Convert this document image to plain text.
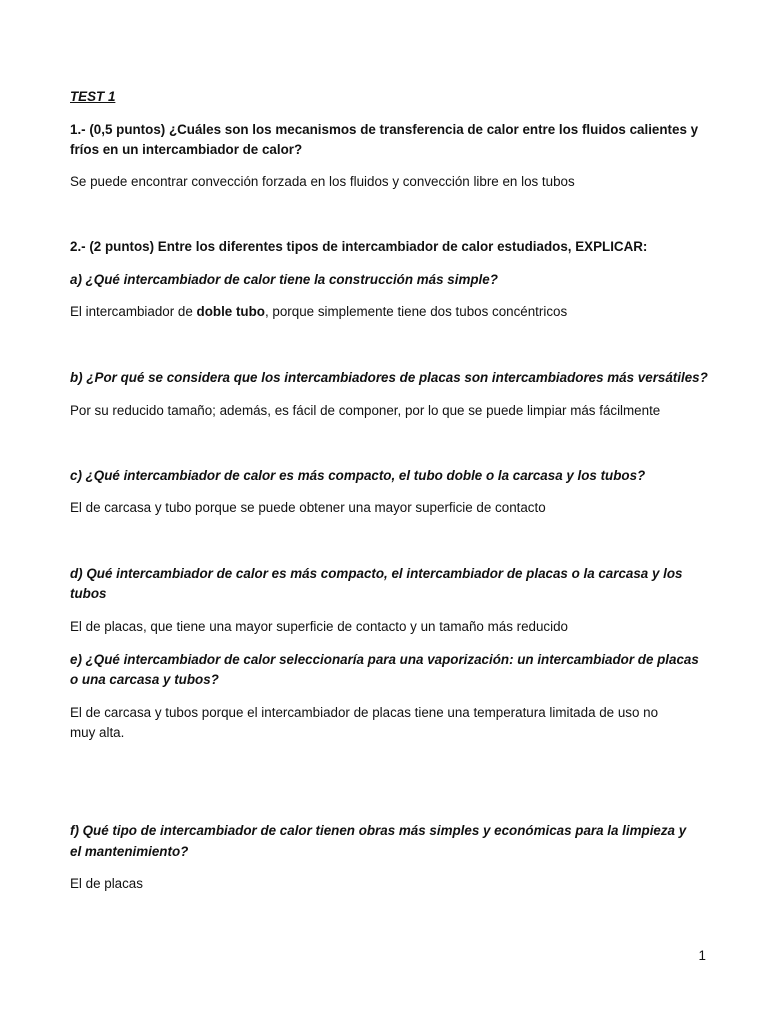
TEST 1
1.- (0,5 puntos) ¿Cuáles son los mecanismos de transferencia de calor entre los fluidos calientes y
fríos en un intercambiador de calor?
Se puede encontrar convección forzada en los fluidos y convección libre en los tubos
2.- (2 puntos) Entre los diferentes tipos de intercambiador de calor estudiados, EXPLICAR:
a) ¿Qué intercambiador de calor tiene la construcción más simple?
El intercambiador de doble tubo, porque simplemente tiene dos tubos concéntricos
b) ¿Por qué se considera que los intercambiadores de placas son intercambiadores más versátiles?
Por su reducido tamaño; además, es fácil de componer, por lo que se puede limpiar más fácilmente
c) ¿Qué intercambiador de calor es más compacto, el tubo doble o la carcasa y los tubos?
El de carcasa y tubo porque se puede obtener una mayor superficie de contacto
d) Qué intercambiador de calor es más compacto, el intercambiador de placas o la carcasa y los
tubos
El de placas, que tiene una mayor superficie de contacto y un tamaño más reducido
e) ¿Qué intercambiador de calor seleccionaría para una vaporización: un intercambiador de placas
o una carcasa y tubos?
El de carcasa y tubos porque el intercambiador de placas tiene una temperatura limitada de uso no
muy alta.
f) Qué tipo de intercambiador de calor tienen obras más simples y económicas para la limpieza y
el mantenimiento?
El de placas
1
